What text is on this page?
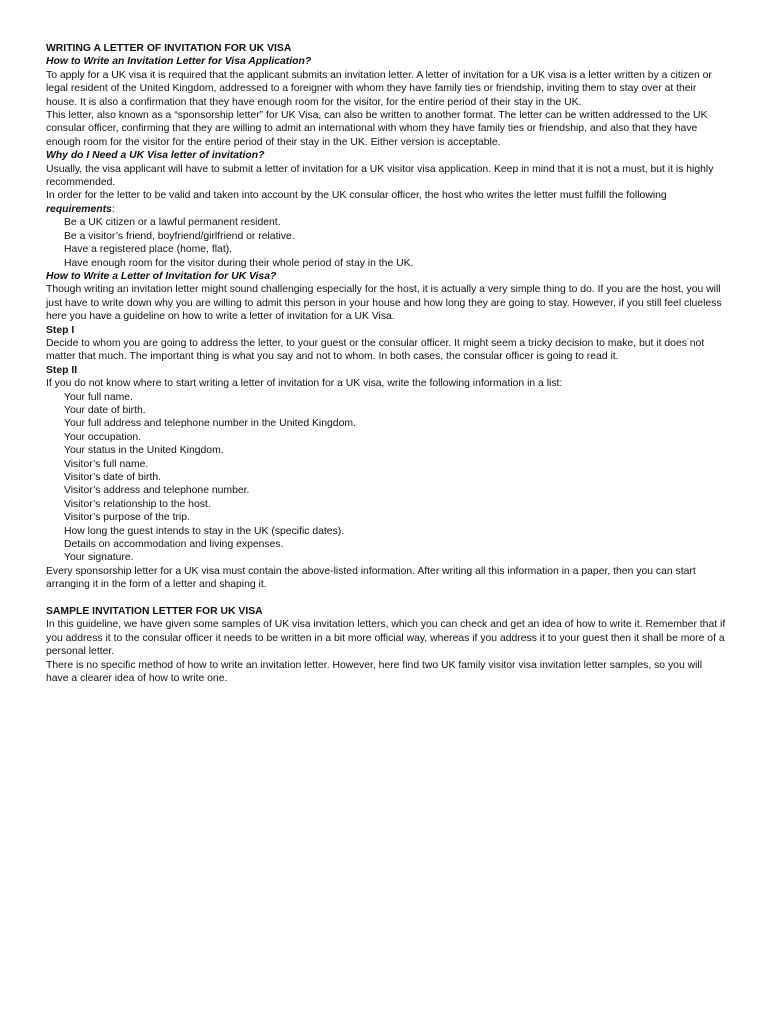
WRITING A LETTER OF INVITATION FOR UK VISA

How to Write an Invitation Letter for Visa Application?

To apply for a UK visa it is required that the applicant submits an invitation letter. A letter of invitation for a UK visa is a letter written by a citizen or legal resident of the United Kingdom, addressed to a foreigner with whom they have family ties or friendship, inviting them to stay over at their house. It is also a confirmation that they have enough room for the visitor, for the entire period of their stay in the UK.

This letter, also known as a “sponsorship letter” for UK Visa, can also be written to another format. The letter can be written addressed to the UK consular officer, confirming that they are willing to admit an international with whom they have family ties or friendship, and also that they have enough room for the visitor for the entire period of their stay in the UK. Either version is acceptable.

Why do I Need a UK Visa letter of invitation?

Usually, the visa applicant will have to submit a letter of invitation for a UK visitor visa application. Keep in mind that it is not a must, but it is highly recommended.

In order for the letter to be valid and taken into account by the UK consular officer, the host who writes the letter must fulfill the following requirements:

Be a UK citizen or a lawful permanent resident.
Be a visitor’s friend, boyfriend/girlfriend or relative.
Have a registered place (home, flat).
Have enough room for the visitor during their whole period of stay in the UK.

How to Write a Letter of Invitation for UK Visa?

Though writing an invitation letter might sound challenging especially for the host, it is actually a very simple thing to do. If you are the host, you will just have to write down why you are willing to admit this person in your house and how long they are going to stay. However, if you still feel clueless here you have a guideline on how to write a letter of invitation for a UK Visa.

Step I

Decide to whom you are going to address the letter, to your guest or the consular officer. It might seem a tricky decision to make, but it does not matter that much. The important thing is what you say and not to whom. In both cases, the consular officer is going to read it.

Step II

If you do not know where to start writing a letter of invitation for a UK visa, write the following information in a list:

Your full name.
Your date of birth.
Your full address and telephone number in the United Kingdom.
Your occupation.
Your status in the United Kingdom.
Visitor’s full name.
Visitor’s date of birth.
Visitor’s address and telephone number.
Visitor’s relationship to the host.
Visitor’s purpose of the trip.
How long the guest intends to stay in the UK (specific dates).
Details on accommodation and living expenses.
Your signature.

Every sponsorship letter for a UK visa must contain the above-listed information. After writing all this information in a paper, then you can start arranging it in the form of a letter and shaping it.

SAMPLE INVITATION LETTER FOR UK VISA

In this guideline, we have given some samples of UK visa invitation letters, which you can check and get an idea of how to write it. Remember that if you address it to the consular officer it needs to be written in a bit more official way, whereas if you address it to your guest then it shall be more of a personal letter.

There is no specific method of how to write an invitation letter. However, here find two UK family visitor visa invitation letter samples, so you will have a clearer idea of how to write one.
